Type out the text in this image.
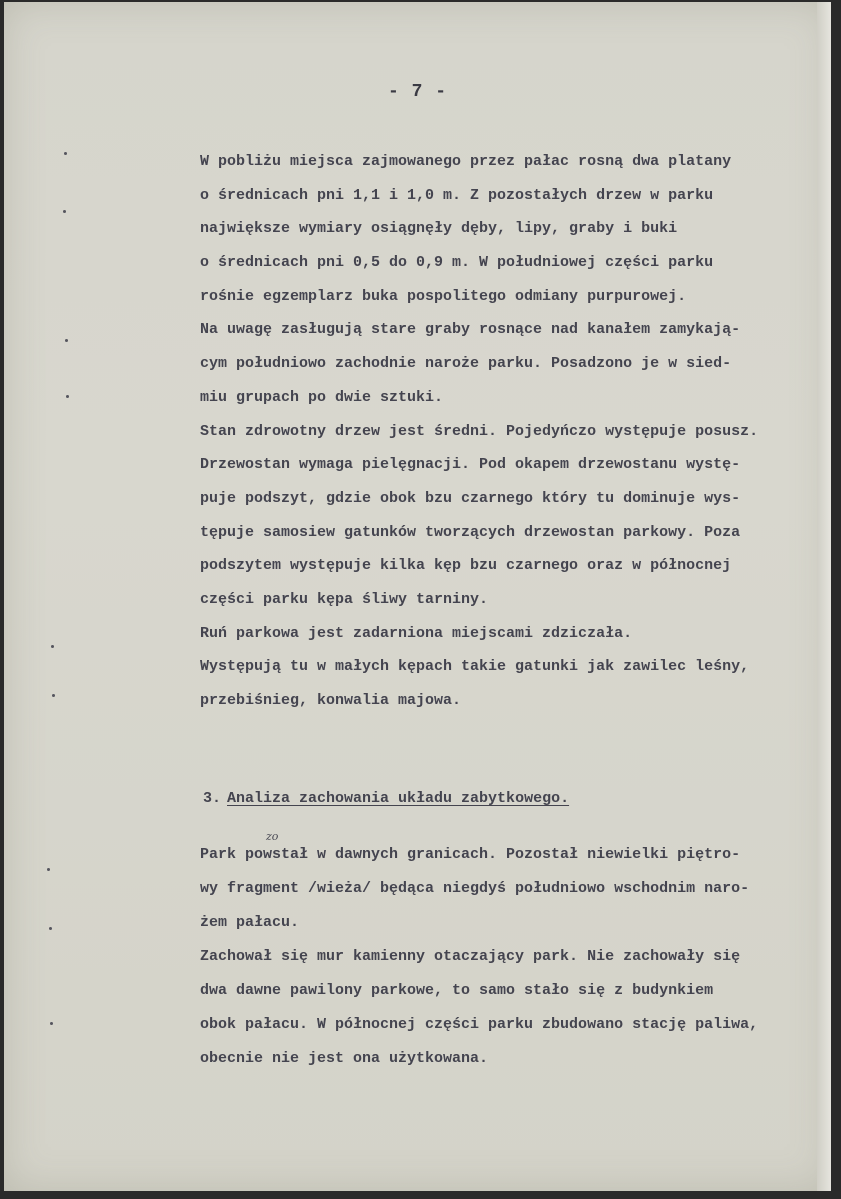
- 7 -
W pobliżu miejsca zajmowanego przez pałac rosną dwa platany
o średnicach pni 1,1 i 1,0 m. Z pozostałych drzew w parku
największe wymiary osiągnęły dęby, lipy, graby i buki
o średnicach pni 0,5 do 0,9 m. W południowej części parku
rośnie egzemplarz buka pospolitego odmiany purpurowej.
Na uwagę zasługują stare graby rosnące nad kanałem zamykają-
cym południowo zachodnie naroże parku. Posadzono je w sied-
miu grupach po dwie sztuki.
Stan zdrowotny drzew jest średni. Pojedyńczo występuje posusz.
Drzewostan wymaga pielęgnacji. Pod okapem drzewostanu wystę-
puje podszyt, gdzie obok bzu czarnego który tu dominuje wys-
tępuje samosiew gatunków tworzących drzewostan parkowy. Poza
podszytem występuje kilka kęp bzu czarnego oraz w północnej
części parku kępa śliwy tarniny.
Ruń parkowa jest zadarniona miejscami zdziczała.
Występują tu w małych kępach takie gatunki jak zawilec leśny,
przebiśnieg, konwalia majowa.
3. Analiza zachowania układu zabytkowego.
zo
Park powstał w dawnych granicach. Pozostał niewielki piętro-
wy fragment /wieża/ będąca niegdyś południowo wschodnim naro-
żem pałacu.
Zachował się mur kamienny otaczający park. Nie zachowały się
dwa dawne pawilony parkowe, to samo stało się z budynkiem
obok pałacu. W północnej części parku zbudowano stację paliwa,
obecnie nie jest ona użytkowana.
